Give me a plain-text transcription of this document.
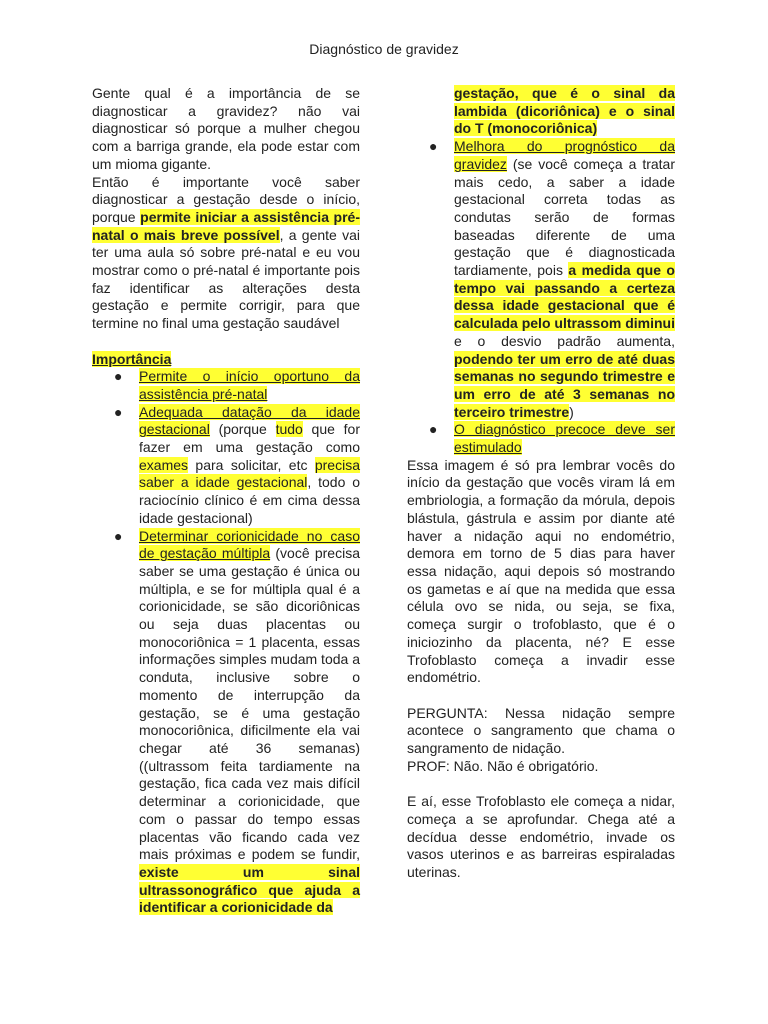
Diagnóstico de gravidez

Gente qual é a importância de se diagnosticar a gravidez? não vai diagnosticar só porque a mulher chegou com a barriga grande, ela pode estar com um mioma gigante.

Então é importante você saber diagnosticar a gestação desde o início, porque permite iniciar a assistência pré-natal o mais breve possível, a gente vai ter uma aula só sobre pré-natal e eu vou mostrar como o pré-natal é importante pois faz identificar as alterações desta gestação e permite corrigir, para que termine no final uma gestação saudável

Importância

● Permite o início oportuno da assistência pré-natal
● Adequada datação da idade gestacional (porque tudo que for fazer em uma gestação como exames para solicitar, etc precisa saber a idade gestacional, todo o raciocínio clínico é em cima dessa idade gestacional)
● Determinar corionicidade no caso de gestação múltipla (você precisa saber se uma gestação é única ou múltipla, e se for múltipla qual é a corionicidade, se são dicoriônicas ou seja duas placentas ou monocoriônica = 1 placenta, essas informações simples mudam toda a conduta, inclusive sobre o momento de interrupção da gestação, se é uma gestação monocoriônica, dificilmente ela vai chegar até 36 semanas) ((ultrassom feita tardiamente na gestação, fica cada vez mais difícil determinar a corionicidade, que com o passar do tempo essas placentas vão ficando cada vez mais próximas e podem se fundir, existe um sinal ultrassonográfico que ajuda a identificar a corionicidade da
gestação, que é o sinal da lambida (dicoriônica) e o sinal do T (monocoriônica)
● Melhora do prognóstico da gravidez (se você começa a tratar mais cedo, a saber a idade gestacional correta todas as condutas serão de formas baseadas diferente de uma gestação que é diagnosticada tardiamente, pois a medida que o tempo vai passando a certeza dessa idade gestacional que é calculada pelo ultrassom diminui e o desvio padrão aumenta, podendo ter um erro de até duas semanas no segundo trimestre e um erro de até 3 semanas no terceiro trimestre)
● O diagnóstico precoce deve ser estimulado

Essa imagem é só pra lembrar vocês do início da gestação que vocês viram lá em embriologia, a formação da mórula, depois blástula, gástrula e assim por diante até haver a nidação aqui no endométrio, demora em torno de 5 dias para haver essa nidação, aqui depois só mostrando os gametas e aí que na medida que essa célula ovo se nida, ou seja, se fixa, começa surgir o trofoblasto, que é o iniciozinho da placenta, né? E esse Trofoblasto começa a invadir esse endométrio.

PERGUNTA: Nessa nidação sempre acontece o sangramento que chama o sangramento de nidação.

PROF: Não. Não é obrigatório.

E aí, esse Trofoblasto ele começa a nidar, começa a se aprofundar. Chega até a decídua desse endométrio, invade os vasos uterinos e as barreiras espiraladas uterinas.
